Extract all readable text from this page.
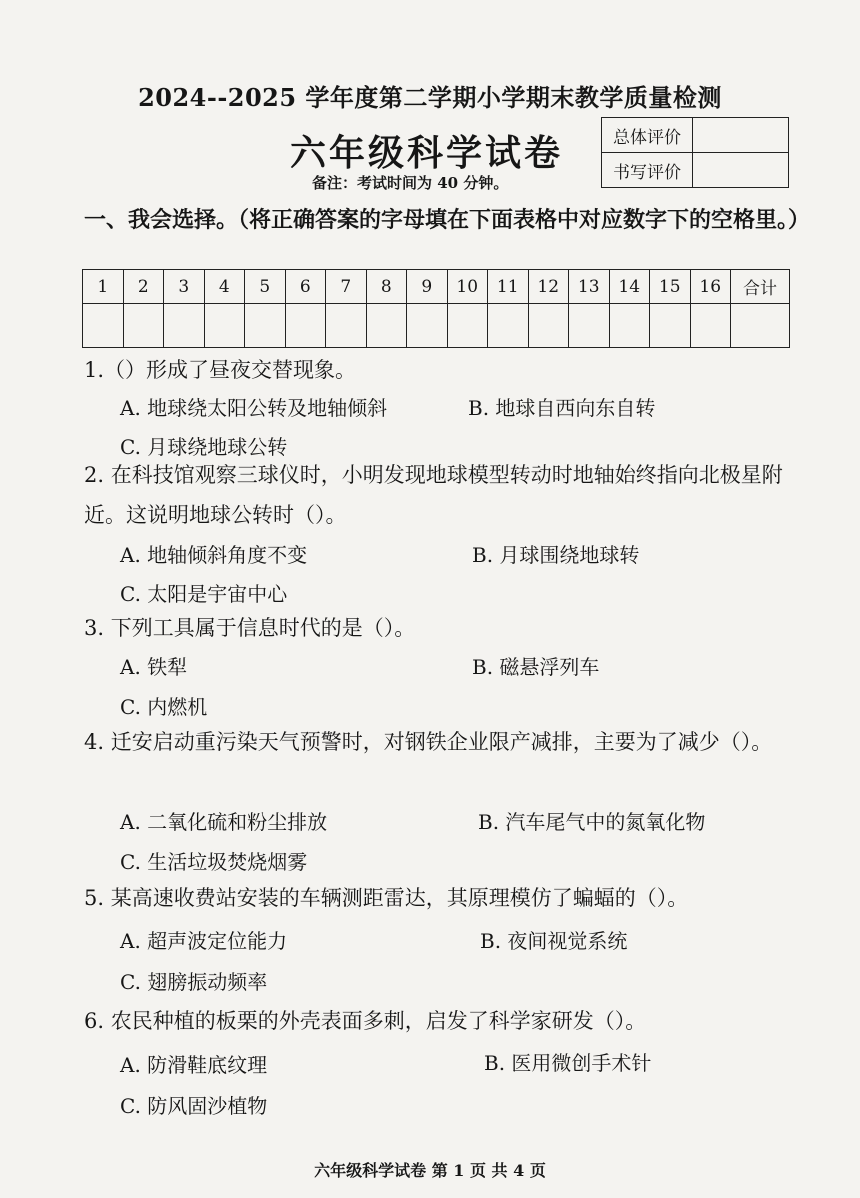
2024--2025 学年度第二学期小学期末教学质量检测
六年级科学试卷
备注：考试时间为 40 分钟。
总体评价	
书写评价	
一、我会选择。（将正确答案的字母填在下面表格中对应数字下的空格里。）
1	2	3	4	5	6	7	8	9	10	11	12	13	14	15	16	合计

1.（）形成了昼夜交替现象。
A. 地球绕太阳公转及地轴倾斜	B. 地球自西向东自转
C. 月球绕地球公转
2. 在科技馆观察三球仪时，小明发现地球模型转动时地轴始终指向北极星附近。这说明地球公转时（）。
A. 地轴倾斜角度不变	B. 月球围绕地球转
C. 太阳是宇宙中心
3. 下列工具属于信息时代的是（）。
A. 铁犁	B. 磁悬浮列车
C. 内燃机
4. 迁安启动重污染天气预警时，对钢铁企业限产减排，主要为了减少（）。
A. 二氧化硫和粉尘排放	B. 汽车尾气中的氮氧化物
C. 生活垃圾焚烧烟雾
5. 某高速收费站安装的车辆测距雷达，其原理模仿了蝙蝠的（）。
A. 超声波定位能力	B. 夜间视觉系统
C. 翅膀振动频率
6. 农民种植的板栗的外壳表面多刺，启发了科学家研发（）。
A. 防滑鞋底纹理	B. 医用微创手术针
C. 防风固沙植物
六年级科学试卷 第 1 页 共 4 页
